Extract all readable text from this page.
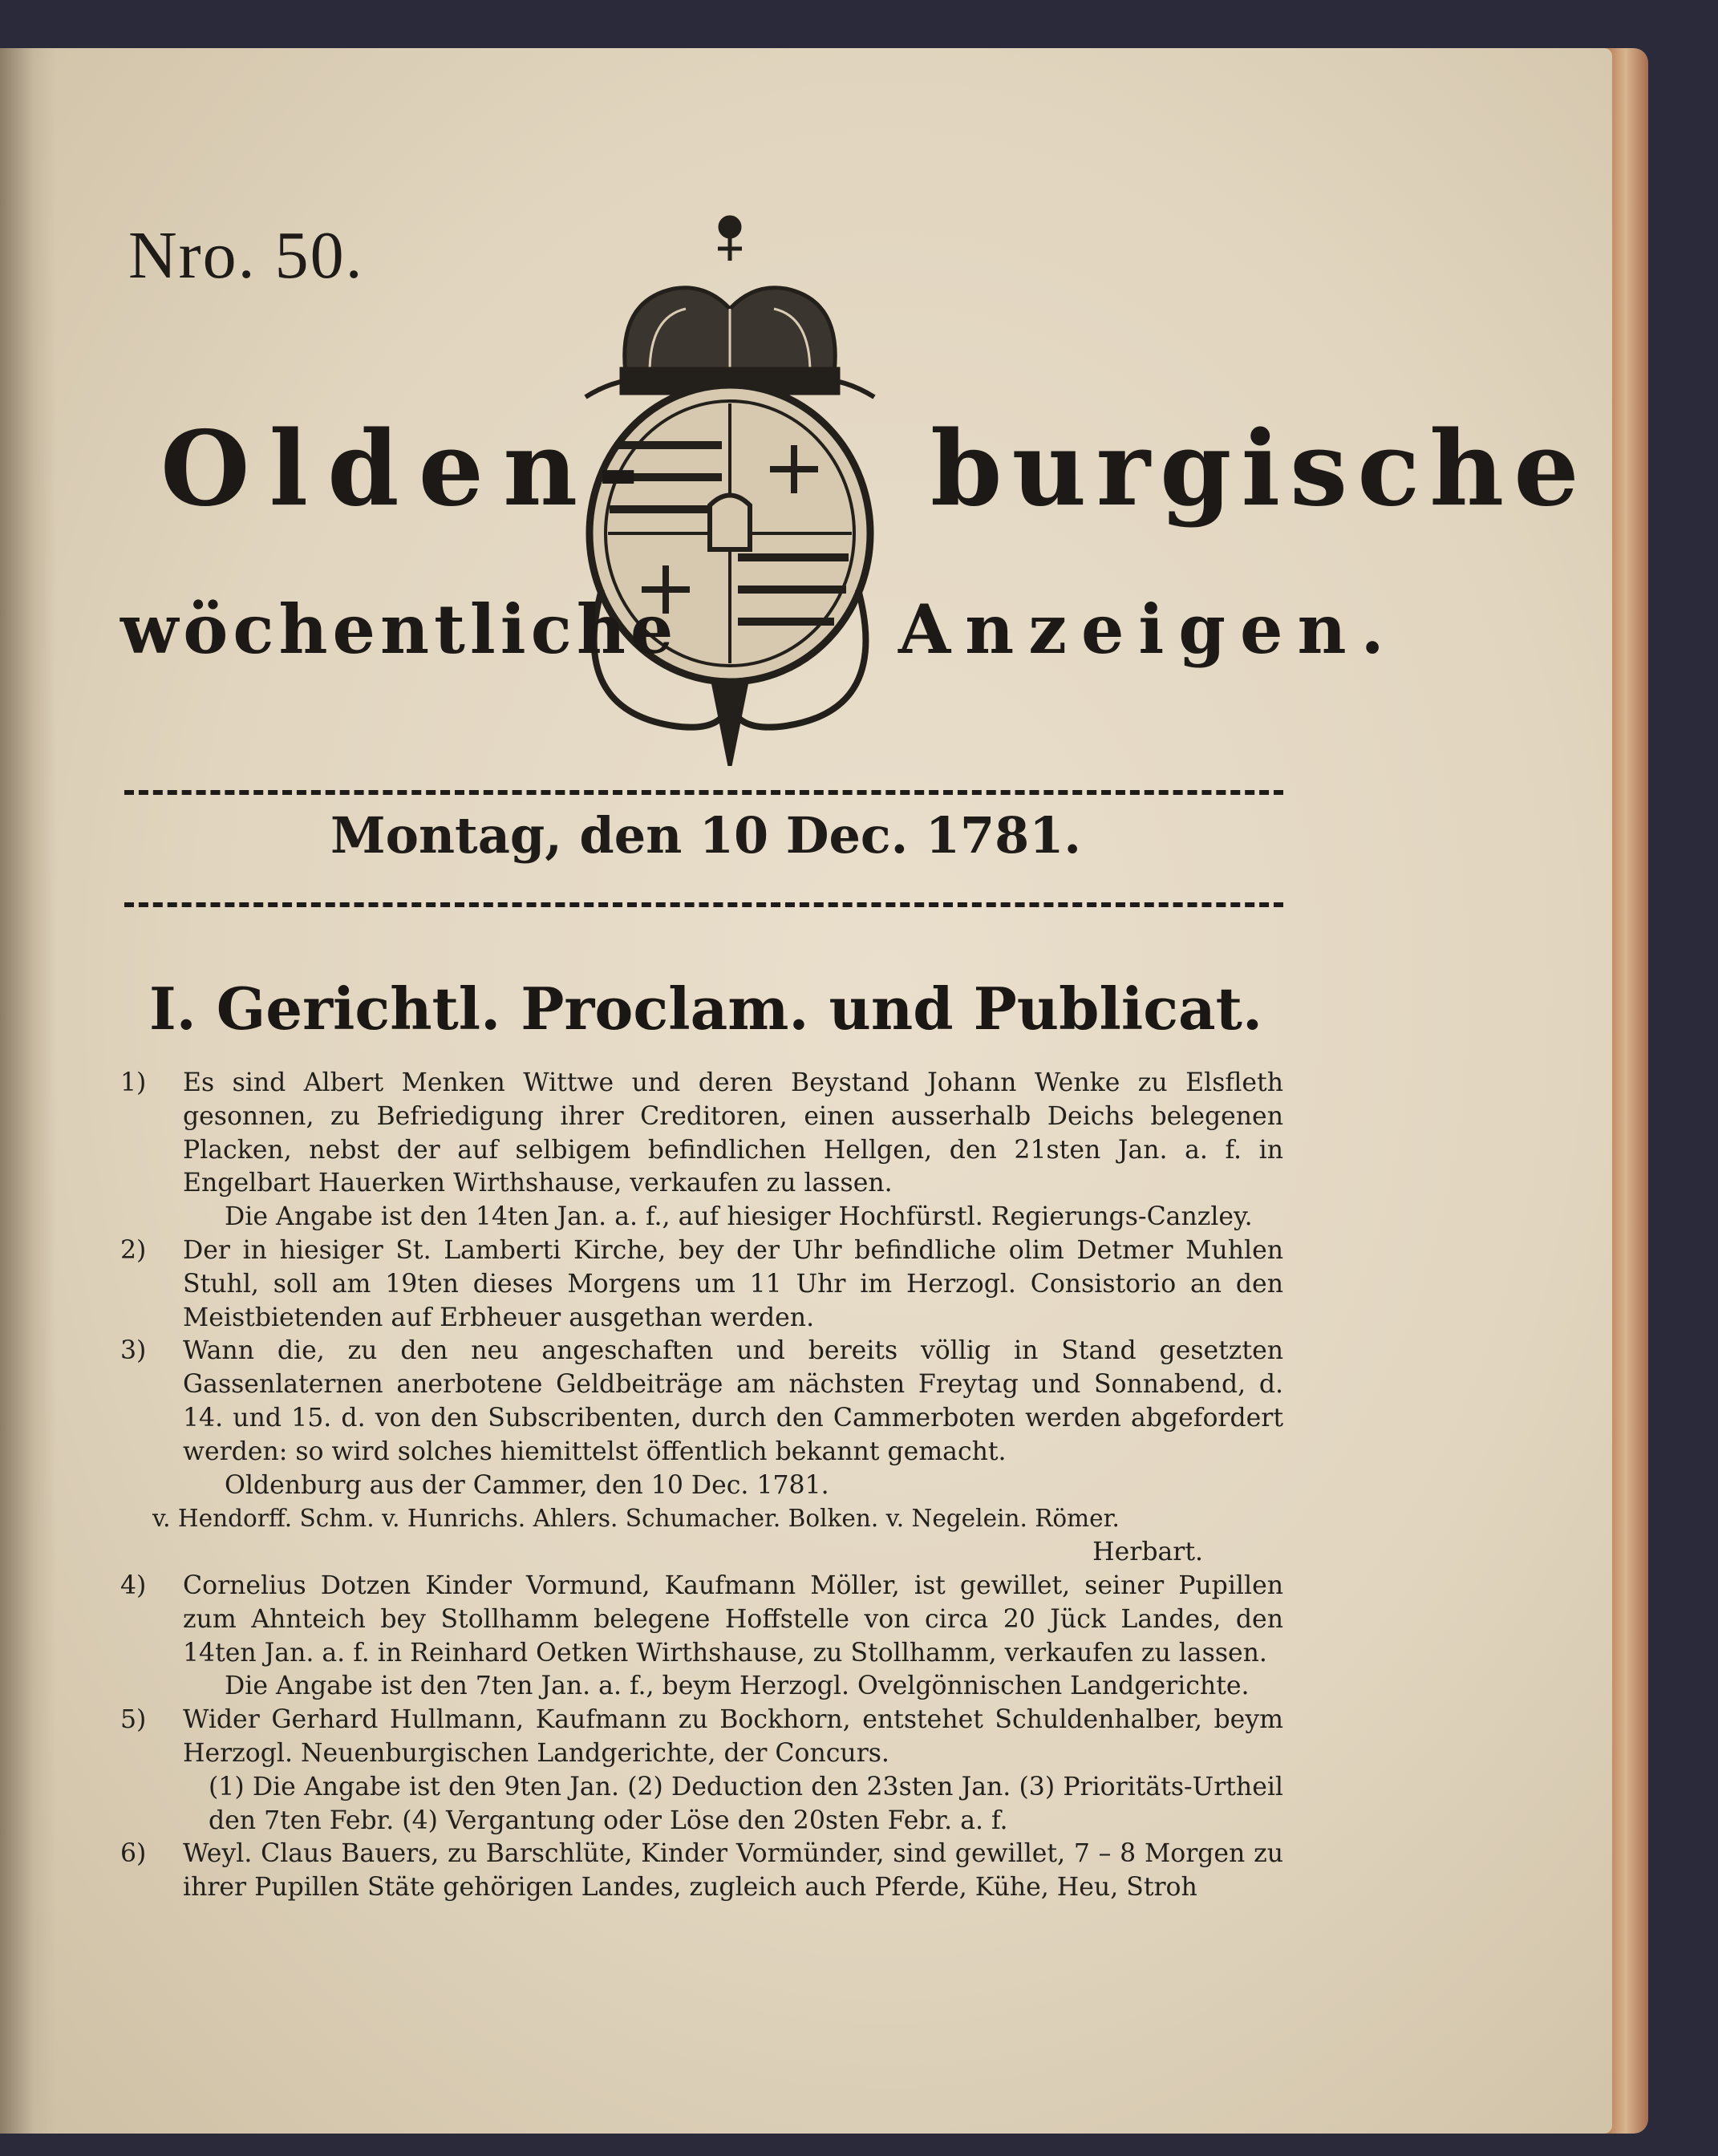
Nro. 50.
Olden-	burgische
wöchentliche	Anzeigen.
Montag, den 10 Dec. 1781.
I. Gerichtl. Proclam. und Publicat.
1) Es sind Albert Menken Wittwe und deren Beystand Johann Wenke zu Elsfleth gesonnen, zu Befriedigung ihrer Creditoren, einen ausserhalb Deichs belegenen Placken, nebst der auf selbigem befindlichen Hellgen, den 21sten Jan. a. f. in Engelbart Hauerken Wirthshause, verkaufen zu lassen.
Die Angabe ist den 14ten Jan. a. f., auf hiesiger Hochfürstl. Regierungs-Canzley.
2) Der in hiesiger St. Lamberti Kirche, bey der Uhr befindliche olim Detmer Muhlen Stuhl, soll am 19ten dieses Morgens um 11 Uhr im Herzogl. Consistorio an den Meistbietenden auf Erbheuer ausgethan werden.
3) Wann die, zu den neu angeschaften und bereits völlig in Stand gesetzten Gassenlaternen anerbotene Geldbeiträge am nächsten Freytag und Sonnabend, d. 14. und 15. d. von den Subscribenten, durch den Cammerboten werden abgefordert werden: so wird solches hiemittelst öffentlich bekannt gemacht.
Oldenburg aus der Cammer, den 10 Dec. 1781.
v. Hendorff. Schm. v. Hunrichs. Ahlers. Schumacher. Bolken. v. Negelein. Römer.
Herbart.
4) Cornelius Dotzen Kinder Vormund, Kaufmann Möller, ist gewillet, seiner Pupillen zum Ahnteich bey Stollhamm belegene Hoffstelle von circa 20 Jück Landes, den 14ten Jan. a. f. in Reinhard Oetken Wirthshause, zu Stollhamm, verkaufen zu lassen.
Die Angabe ist den 7ten Jan. a. f., beym Herzogl. Ovelgönnischen Landgerichte.
5) Wider Gerhard Hullmann, Kaufmann zu Bockhorn, entstehet Schuldenhalber, beym Herzogl. Neuenburgischen Landgerichte, der Concurs.
(1) Die Angabe ist den 9ten Jan. (2) Deduction den 23sten Jan. (3) Prioritäts-Urtheil den 7ten Febr. (4) Vergantung oder Löse den 20sten Febr. a. f.
6) Weyl. Claus Bauers, zu Barschlüte, Kinder Vormünder, sind gewillet, 7 – 8 Morgen zu ihrer Pupillen Stäte gehörigen Landes, zugleich auch Pferde, Kühe, Heu, Stroh
